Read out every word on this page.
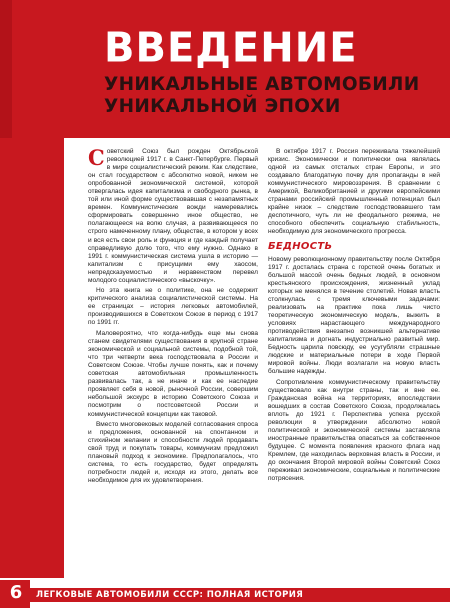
ВВЕДЕНИЕ
УНИКАЛЬНЫЕ АВТОМОБИЛИ
УНИКАЛЬНОЙ ЭПОХИ

Советский Союз был рожден Октябрьской революцией 1917 г. в Санкт-Петербурге. Первый в мире социалистический режим. Как следствие, он стал государством с абсолютно новой, никем не опробованной экономической системой, которой отвергалась идея капитализма и свободного рынка, в той или иной форме существовавшая с незапамятных времен. Коммунистические вожди намеревались сформировать совершенно иное общество, не полагающееся на волю случая, а развивающееся по строго намеченному плану, обществе, в котором у всех и вся есть свои роль и функция и где каждый получает справедливую долю того, что ему нужно. Однако в 1991 г. коммунистическая система ушла в историю — капитализм с присущими ему хаосом, непредсказуемостью и неравенством перевел молодого социалистического «выскочку».

Но эта книга не о политике, она не содержит критического анализа социалистической системы. На ее страницах – история легковых автомобилей, производившихся в Советском Союзе в период с 1917 по 1991 гг.

Маловероятно, что когда-нибудь еще мы снова станем свидетелями существования в крупной стране экономической и социальной системы, подобной той, что три четверти века господствовала в России и Советском Союзе. Чтобы лучше понять, как и почему советская автомобильная промышленность развивалась так, а не иначе и как ее наследие проявляет себя в новой, рыночной России, совершим небольшой экскурс в историю Советского Союза и посмотрим о постсоветской России и коммунистической концепции как таковой.

Вместо многовековых моделей согласования спроса и предложения, основанной на спонтанном и стихийном желании и способности людей продавать свой труд и покупать товары, коммунизм предложил плановый подход к экономике. Предполагалось, что система, то есть государство, будет определять потребности людей и, исходя из этого, делать все необходимое для их удовлетворения.

В октябре 1917 г. Россия переживала тяжелейший кризис. Экономически и политически она являлась одной из самых отсталых стран Европы, и это создавало благодатную почву для пропаганды в ней коммунистического мировоззрения. В сравнении с Америкой, Великобританией и другими европейскими странами российский промышленный потенциал был крайне низок – следствие господствовавшего там деспотичного, чуть ли не феодального режима, не способного обеспечить социальную стабильность, необходимую для экономического прогресса.

БЕДНОСТЬ

Новому революционному правительству после Октября 1917 г. досталась страна с горсткой очень богатых и большой массой очень бедных людей, в основном крестьянского происхождения, жизненный уклад которых не менялся в течение столетий. Новая власть столкнулась с тремя ключевыми задачами: реализовать на практике пока лишь чисто теоретическую экономическую модель, выжить в условиях нарастающего международного противодействия внезапно возникшей альтернативе капитализма и догнать индустриально развитый мир. Бедность царила повсюду, ее усугубляли страшные людские и материальные потери в ходе Первой мировой войны. Люди возлагали на новую власть большие надежды.

Сопротивление коммунистическому правительству существовало как внутри страны, так и вне ее. Гражданская война на территориях, впоследствии вошедших в состав Советского Союза, продолжалась вплоть до 1921 г. Перспектива успеха русской революции в утверждении абсолютно новой политической и экономической системы заставляла иностранные правительства опасаться за собственное будущее. С момента появления красного флага над Кремлем, где находилась верховная власть в России, и до окончания Второй мировой войны Советский Союз переживал экономические, социальные и политические потрясения.

6	ЛЕГКОВЫЕ АВТОМОБИЛИ СССР: ПОЛНАЯ ИСТОРИЯ
